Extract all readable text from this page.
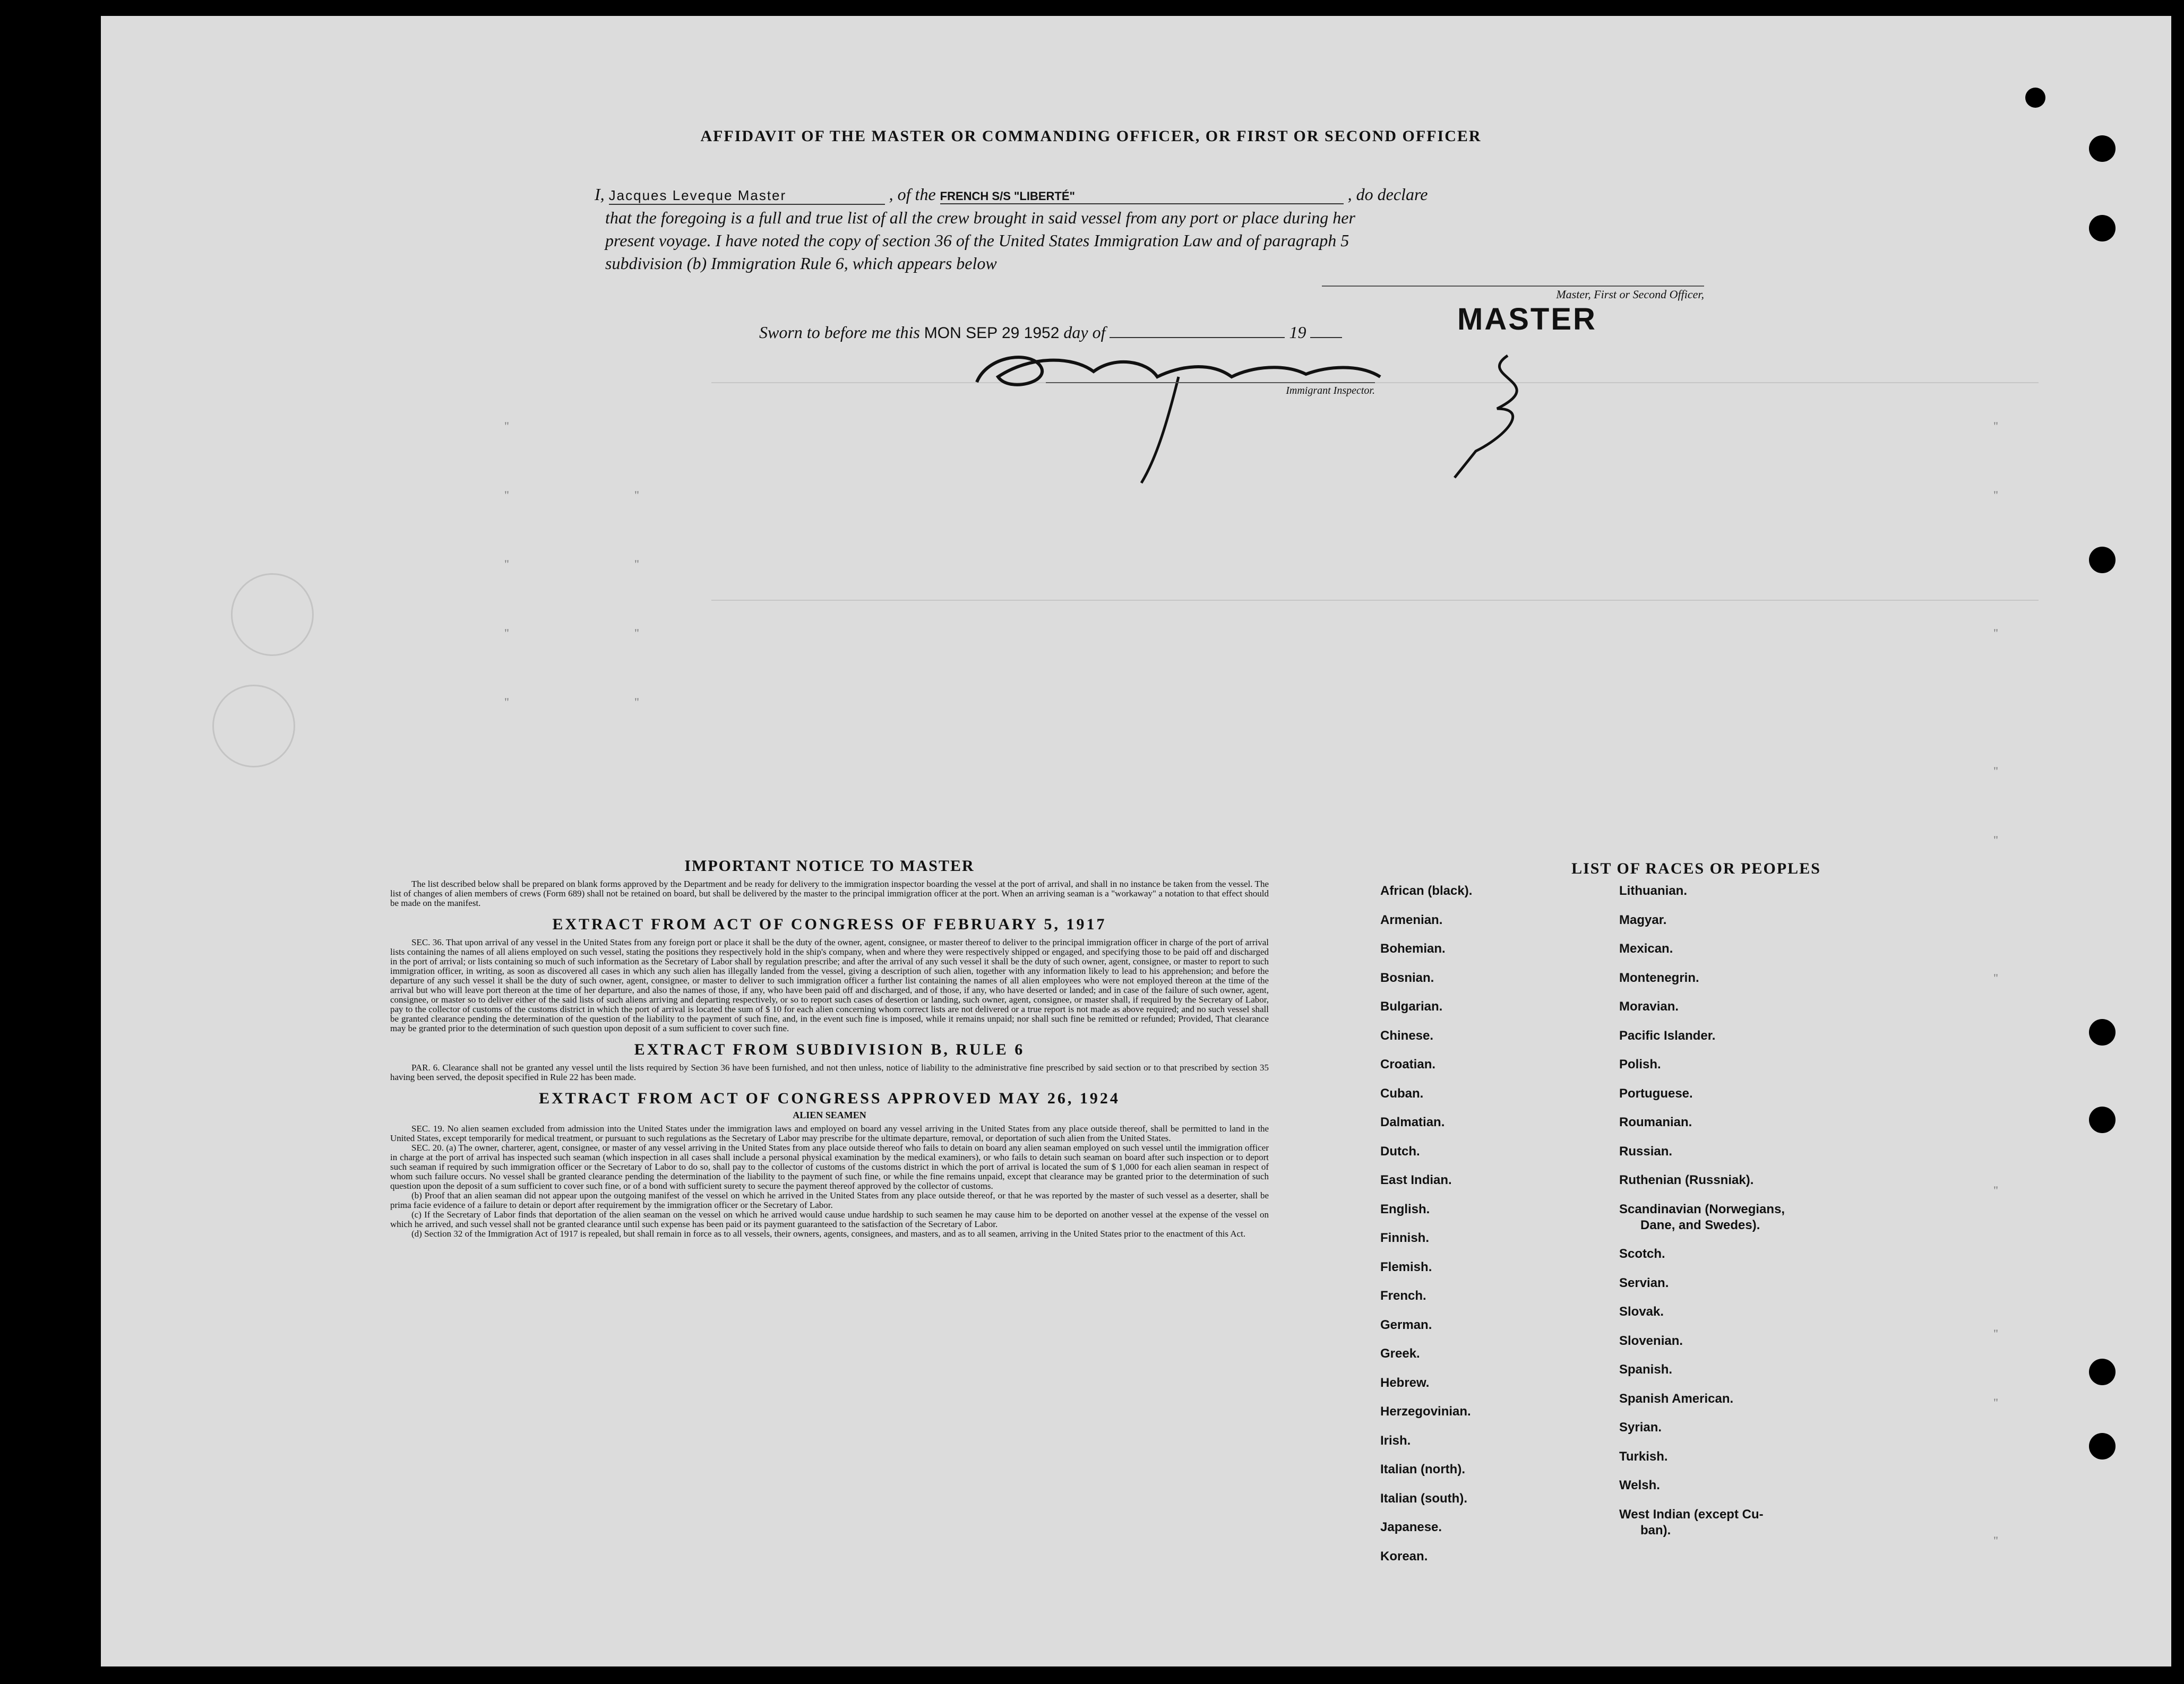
"
"
"
"
"
"
"
"
"
"
"
"
"
"
"
"
"
"
"
AFFIDAVIT OF THE MASTER OR COMMANDING OFFICER, OR FIRST OR SECOND OFFICER
I, Jacques Leveque Master	, of the FRENCH S/S "LIBERTÉ"	, do declare
that the foregoing is a full and true list of all the crew brought in said vessel from any port or place during her
present voyage. I have noted the copy of section 36 of the United States Immigration Law and of paragraph 5
subdivision (b) Immigration Rule 6, which appears below
Master, First or Second Officer,
MASTER
Sworn to before me this MON SEP 29 1952 day of	19
Immigrant Inspector.
IMPORTANT NOTICE TO MASTER
The list described below shall be prepared on blank forms approved by the Department and be ready for delivery to the immigration inspector boarding the vessel at the port of arrival, and shall in no instance be taken from the vessel. The list of changes of alien members of crews (Form 689) shall not be retained on board, but shall be delivered by the master to the principal immigration officer at the port. When an arriving seaman is a "workaway" a notation to that effect should be made on the manifest.
EXTRACT FROM ACT OF CONGRESS OF FEBRUARY 5, 1917
SEC. 36. That upon arrival of any vessel in the United States from any foreign port or place it shall be the duty of the owner, agent, consignee, or master thereof to deliver to the principal immigration officer in charge of the port of arrival lists containing the names of all aliens employed on such vessel, stating the positions they respectively hold in the ship's company, when and where they were respectively shipped or engaged, and specifying those to be paid off and discharged in the port of arrival; or lists containing so much of such information as the Secretary of Labor shall by regulation prescribe; and after the arrival of any such vessel it shall be the duty of such owner, agent, consignee, or master to report to such immigration officer, in writing, as soon as discovered all cases in which any such alien has illegally landed from the vessel, giving a description of such alien, together with any information likely to lead to his apprehension; and before the departure of any such vessel it shall be the duty of such owner, agent, consignee, or master to deliver to such immigration officer a further list containing the names of all alien employees who were not employed thereon at the time of the arrival but who will leave port thereon at the time of her departure, and also the names of those, if any, who have been paid off and discharged, and of those, if any, who have deserted or landed; and in case of the failure of such owner, agent, consignee, or master so to deliver either of the said lists of such aliens arriving and departing respectively, or so to report such cases of desertion or landing, such owner, agent, consignee, or master shall, if required by the Secretary of Labor, pay to the collector of customs of the customs district in which the port of arrival is located the sum of $ 10 for each alien concerning whom correct lists are not delivered or a true report is not made as above required; and no such vessel shall be granted clearance pending the determination of the question of the liability to the payment of such fine, and, in the event such fine is imposed, while it remains unpaid; nor shall such fine be remitted or refunded; Provided, That clearance may be granted prior to the determination of such question upon deposit of a sum sufficient to cover such fine.
EXTRACT FROM SUBDIVISION B, RULE 6
PAR. 6. Clearance shall not be granted any vessel until the lists required by Section 36 have been furnished, and not then unless, notice of liability to the administrative fine prescribed by said section or to that prescribed by section 35 having been served, the deposit specified in Rule 22 has been made.
EXTRACT FROM ACT OF CONGRESS APPROVED MAY 26, 1924
ALIEN SEAMEN
SEC. 19. No alien seamen excluded from admission into the United States under the immigration laws and employed on board any vessel arriving in the United States from any place outside thereof, shall be permitted to land in the United States, except temporarily for medical treatment, or pursuant to such regulations as the Secretary of Labor may prescribe for the ultimate departure, removal, or deportation of such alien from the United States.
SEC. 20. (a) The owner, charterer, agent, consignee, or master of any vessel arriving in the United States from any place outside thereof who fails to detain on board any alien seaman employed on such vessel until the immigration officer in charge at the port of arrival has inspected such seaman (which inspection in all cases shall include a personal physical examination by the medical examiners), or who fails to detain such seaman on board after such inspection or to deport such seaman if required by such immigration officer or the Secretary of Labor to do so, shall pay to the collector of customs of the customs district in which the port of arrival is located the sum of $ 1,000 for each alien seaman in respect of whom such failure occurs. No vessel shall be granted clearance pending the determination of the liability to the payment of such fine, or while the fine remains unpaid, except that clearance may be granted prior to the determination of such question upon the deposit of a sum sufficient to cover such fine, or of a bond with sufficient surety to secure the payment thereof approved by the collector of customs.
(b) Proof that an alien seaman did not appear upon the outgoing manifest of the vessel on which he arrived in the United States from any place outside thereof, or that he was reported by the master of such vessel as a deserter, shall be prima facie evidence of a failure to detain or deport after requirement by the immigration officer or the Secretary of Labor.
(c) If the Secretary of Labor finds that deportation of the alien seaman on the vessel on which he arrived would cause undue hardship to such seamen he may cause him to be deported on another vessel at the expense of the vessel on which he arrived, and such vessel shall not be granted clearance until such expense has been paid or its payment guaranteed to the satisfaction of the Secretary of Labor.
(d) Section 32 of the Immigration Act of 1917 is repealed, but shall remain in force as to all vessels, their owners, agents, consignees, and masters, and as to all seamen, arriving in the United States prior to the enactment of this Act.
LIST OF RACES OR PEOPLES
African (black).
Armenian.
Bohemian.
Bosnian.
Bulgarian.
Chinese.
Croatian.
Cuban.
Dalmatian.
Dutch.
East Indian.
English.
Finnish.
Flemish.
French.
German.
Greek.
Hebrew.
Herzegovinian.
Irish.
Italian (north).
Italian (south).
Japanese.
Korean.
Lithuanian.
Magyar.
Mexican.
Montenegrin.
Moravian.
Pacific Islander.
Polish.
Portuguese.
Roumanian.
Russian.
Ruthenian (Russniak).
Scandinavian (Norwegians,
Dane, and Swedes).
Scotch.
Servian.
Slovak.
Slovenian.
Spanish.
Spanish American.
Syrian.
Turkish.
Welsh.
West Indian (except Cu-
ban).
